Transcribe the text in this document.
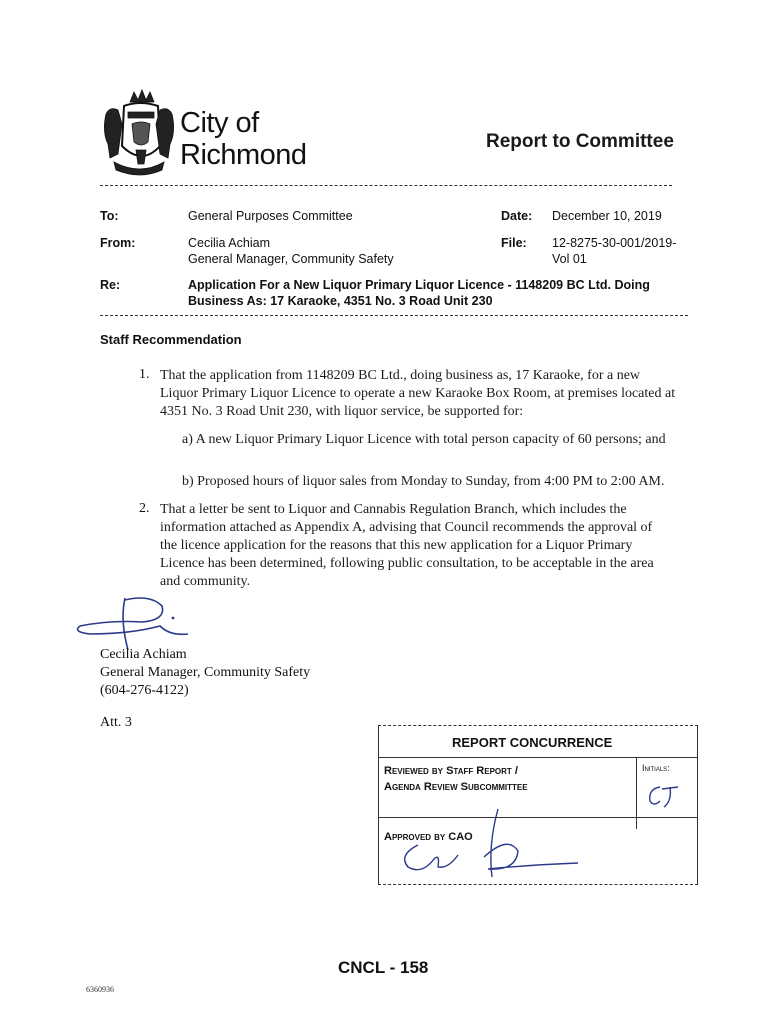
City of
Richmond	Report to Committee
To:	General Purposes Committee	Date: December 10, 2019
From:	Cecilia Achiam
General Manager, Community Safety
File: 12-8275-30-001/2019-
Vol 01
Re:	Application For a New Liquor Primary Liquor Licence - 1148209 BC Ltd. Doing
Business As: 17 Karaoke, 4351 No. 3 Road Unit 230
Staff Recommendation
1. That the application from 1148209 BC Ltd., doing business as, 17 Karaoke, for a new
Liquor Primary Liquor Licence to operate a new Karaoke Box Room, at premises located at
4351 No. 3 Road Unit 230, with liquor service, be supported for:
a) A new Liquor Primary Liquor Licence with total person capacity of 60 persons; and
b) Proposed hours of liquor sales from Monday to Sunday, from 4:00 PM to 2:00 AM.
2. That a letter be sent to Liquor and Cannabis Regulation Branch, which includes the
information attached as Appendix A, advising that Council recommends the approval of
the licence application for the reasons that this new application for a Liquor Primary
Licence has been determined, following public consultation, to be acceptable in the area
and community.
Cecilia Achiam
General Manager, Community Safety
(604-276-4122)
Att. 3
REPORT CONCURRENCE
Reviewed by Staff Report /
Agenda Review Subcommittee
Initials:
Approved by CAO
CNCL - 158
6360936
